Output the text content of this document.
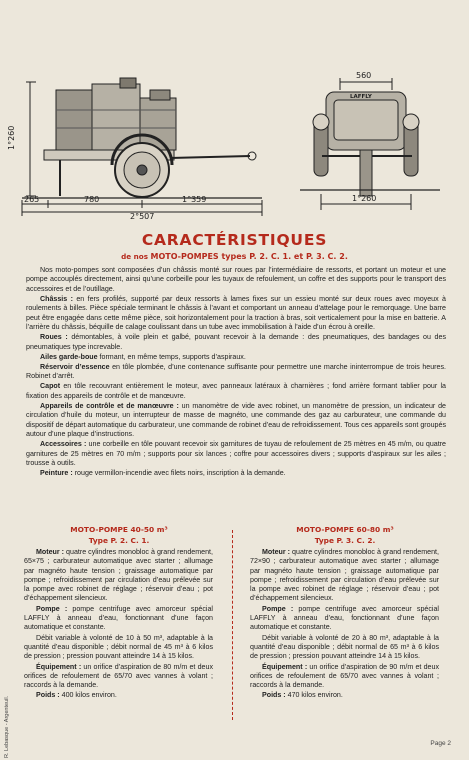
1°260
265	780	1°359
2°507
560
1°260
LAFFLY
CARACTÉRISTIQUES
de nos MOTO-POMPES types P. 2. C. 1. et P. 3. C. 2.

Nos moto-pompes sont composées d’un châssis monté sur roues par l’intermédiaire de ressorts, et portant un moteur et une pompe accouplés directement, ainsi qu’une corbeille pour les tuyaux de refoulement, un coffre et des supports pour le transport des accessoires et de l’outillage.

Châssis : en fers profilés, supporté par deux ressorts à lames fixes sur un essieu monté sur deux roues avec moyeux à roulements à billes. Pièce spéciale terminant le châssis à l’avant et comportant un anneau d’attelage pour le remorquage. Une barre peut être engagée dans cette même pièce, soit horizontalement pour la traction à bras, soit verticalement pour la mise en batterie. A l’arrière du châssis, béquille de calage coulissant dans un tube avec immobilisation à l’aide d’un écrou à oreille.

Roues : démontables, à voile plein et galbé, pouvant recevoir à la demande : des pneumatiques, des bandages ou des pneumatiques type increvable.

Ailes garde-boue formant, en même temps, supports d’aspiraux.

Réservoir d’essence en tôle plombée, d’une contenance suffisante pour permettre une marche ininterrompue de trois heures. Robinet d’arrêt.

Capot en tôle recouvrant entièrement le moteur, avec panneaux latéraux à charnières ; fond arrière formant tablier pour la fixation des appareils de contrôle et de manœuvre.

Appareils de contrôle et de manœuvre : un manomètre de vide avec robinet, un manomètre de pression, un indicateur de circulation d’huile du moteur, un interrupteur de masse de magnéto, une commande des gaz au carburateur, une commande du dispositif de départ automatique du carburateur, une commande de robinet d’eau de refroidissement. Tous ces appareils sont groupés autour d’une plaque d’instructions.

Accessoires : une corbeille en tôle pouvant recevoir six garnitures de tuyau de refoulement de 25 mètres en 45 m/m, ou quatre garnitures de 25 mètres en 70 m/m ; supports pour six lances ; coffre pour accessoires divers ; supports d’aspiraux sur les ailes ; trousse à outils.

Peinture : rouge vermillon-incendie avec filets noirs, inscription à la demande.

MOTO-POMPE 40-50 m³
Type P. 2. C. 1.

Moteur : quatre cylindres monobloc à grand rendement, 65×75 ; carburateur automatique avec starter ; allumage par magnéto haute tension ; graissage automatique par pompe ; refroidissement par circulation d’eau prélevée sur la pompe avec robinet de réglage ; réservoir d’eau ; pot d’échappement silencieux.

Pompe : pompe centrifuge avec amorceur spécial LAFFLY à anneau d’eau, fonctionnant d’une façon automatique et constante.

Débit variable à volonté de 10 à 50 m³, adaptable à la quantité d’eau disponible ; débit normal de 45 m³ à 6 kilos de pression ; pression pouvant atteindre 14 à 15 kilos.

Équipement : un orifice d’aspiration de 80 m/m et deux orifices de refoulement de 65/70 avec vannes à volant ; raccords à la demande.

Poids : 400 kilos environ.

MOTO-POMPE 60-80 m³
Type P. 3. C. 2.

Moteur : quatre cylindres monobloc à grand rendement, 72×90 ; carburateur automatique avec starter ; allumage par magnéto haute tension ; graissage automatique par pompe ; refroidissement par circulation d’eau prélevée sur la pompe avec robinet de réglage ; réservoir d’eau ; pot d’échappement silencieux.

Pompe : pompe centrifuge avec amorceur spécial LAFFLY à anneau d’eau, fonctionnant d’une façon automatique et constante.

Débit variable à volonté de 20 à 80 m³, adaptable à la quantité d’eau disponible ; débit normal de 65 m³ à 6 kilos de pression ; pression pouvant atteindre 14 à 15 kilos.

Équipement : un orifice d’aspiration de 90 m/m et deux orifices de refoulement de 65/70 avec vannes à volant ; raccords à la demande.

Poids : 470 kilos environ.

R. Lebasque - Argenteuil.	Page 2
